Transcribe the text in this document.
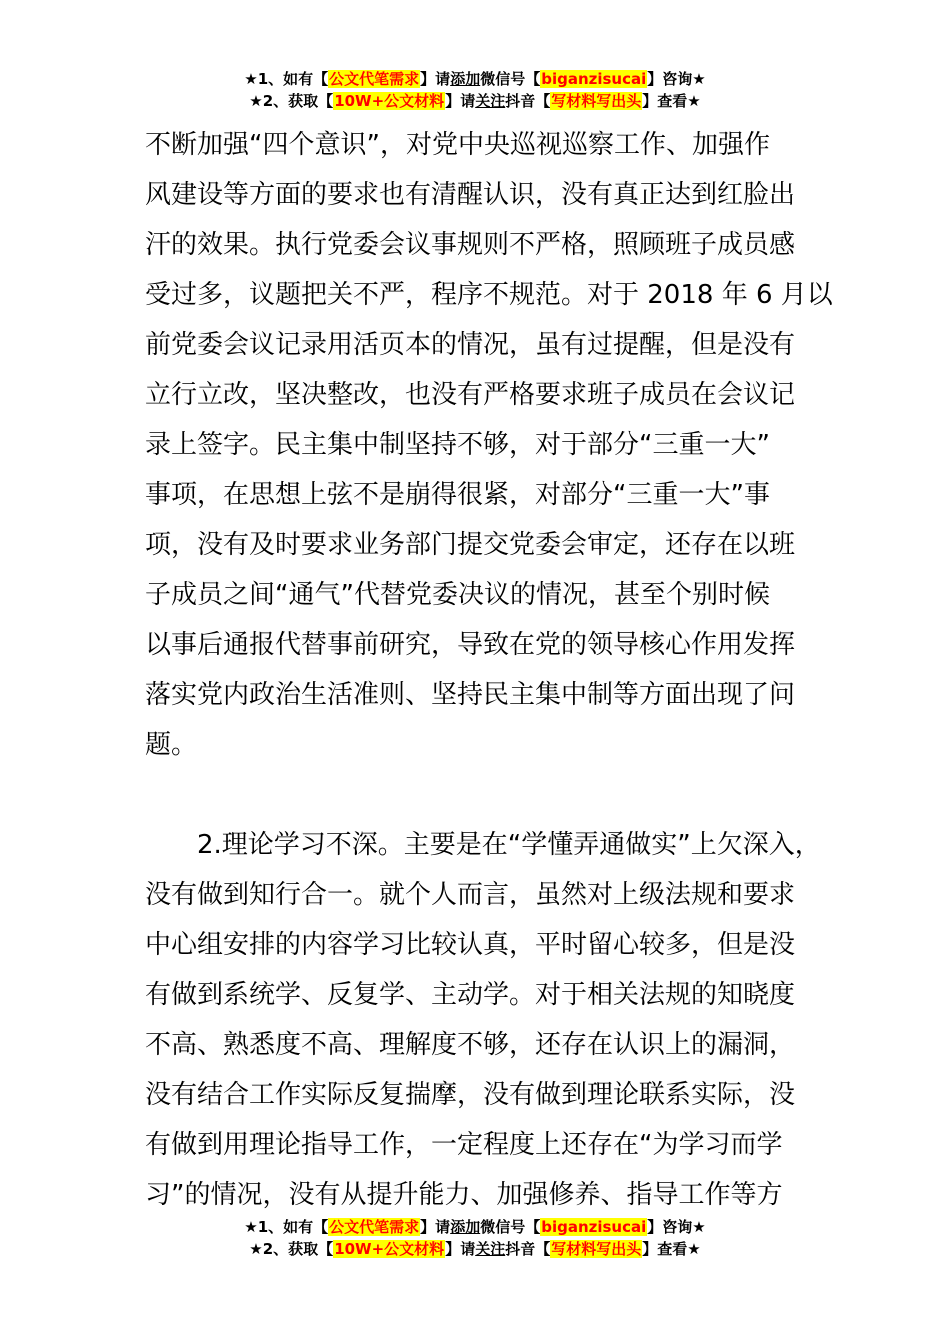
★1、如有【公文代笔需求】请添加微信号【biganzisucai】咨询★
★2、获取【10W+公文材料】请关注抖音【写材料写出头】查看★
不断加强“四个意识”，对党中央巡视巡察工作、加强作
风建设等方面的要求也有清醒认识，没有真正达到红脸出
汗的效果。执行党委会议事规则不严格，照顾班子成员感
受过多，议题把关不严，程序不规范。对于 2018 年 6 月以
前党委会议记录用活页本的情况，虽有过提醒，但是没有
立行立改，坚决整改，也没有严格要求班子成员在会议记
录上签字。民主集中制坚持不够，对于部分“三重一大”
事项，在思想上弦不是崩得很紧，对部分“三重一大”事
项，没有及时要求业务部门提交党委会审定，还存在以班
子成员之间“通气”代替党委决议的情况，甚至个别时候
以事后通报代替事前研究，导致在党的领导核心作用发挥
落实党内政治生活准则、坚持民主集中制等方面出现了问
题。
2.理论学习不深。主要是在“学懂弄通做实”上欠深入，
没有做到知行合一。就个人而言，虽然对上级法规和要求
中心组安排的内容学习比较认真，平时留心较多，但是没
有做到系统学、反复学、主动学。对于相关法规的知晓度
不高、熟悉度不高、理解度不够，还存在认识上的漏洞，
没有结合工作实际反复揣摩，没有做到理论联系实际，没
有做到用理论指导工作，一定程度上还存在“为学习而学
习”的情况，没有从提升能力、加强修养、指导工作等方
★1、如有【公文代笔需求】请添加微信号【biganzisucai】咨询★
★2、获取【10W+公文材料】请关注抖音【写材料写出头】查看★
